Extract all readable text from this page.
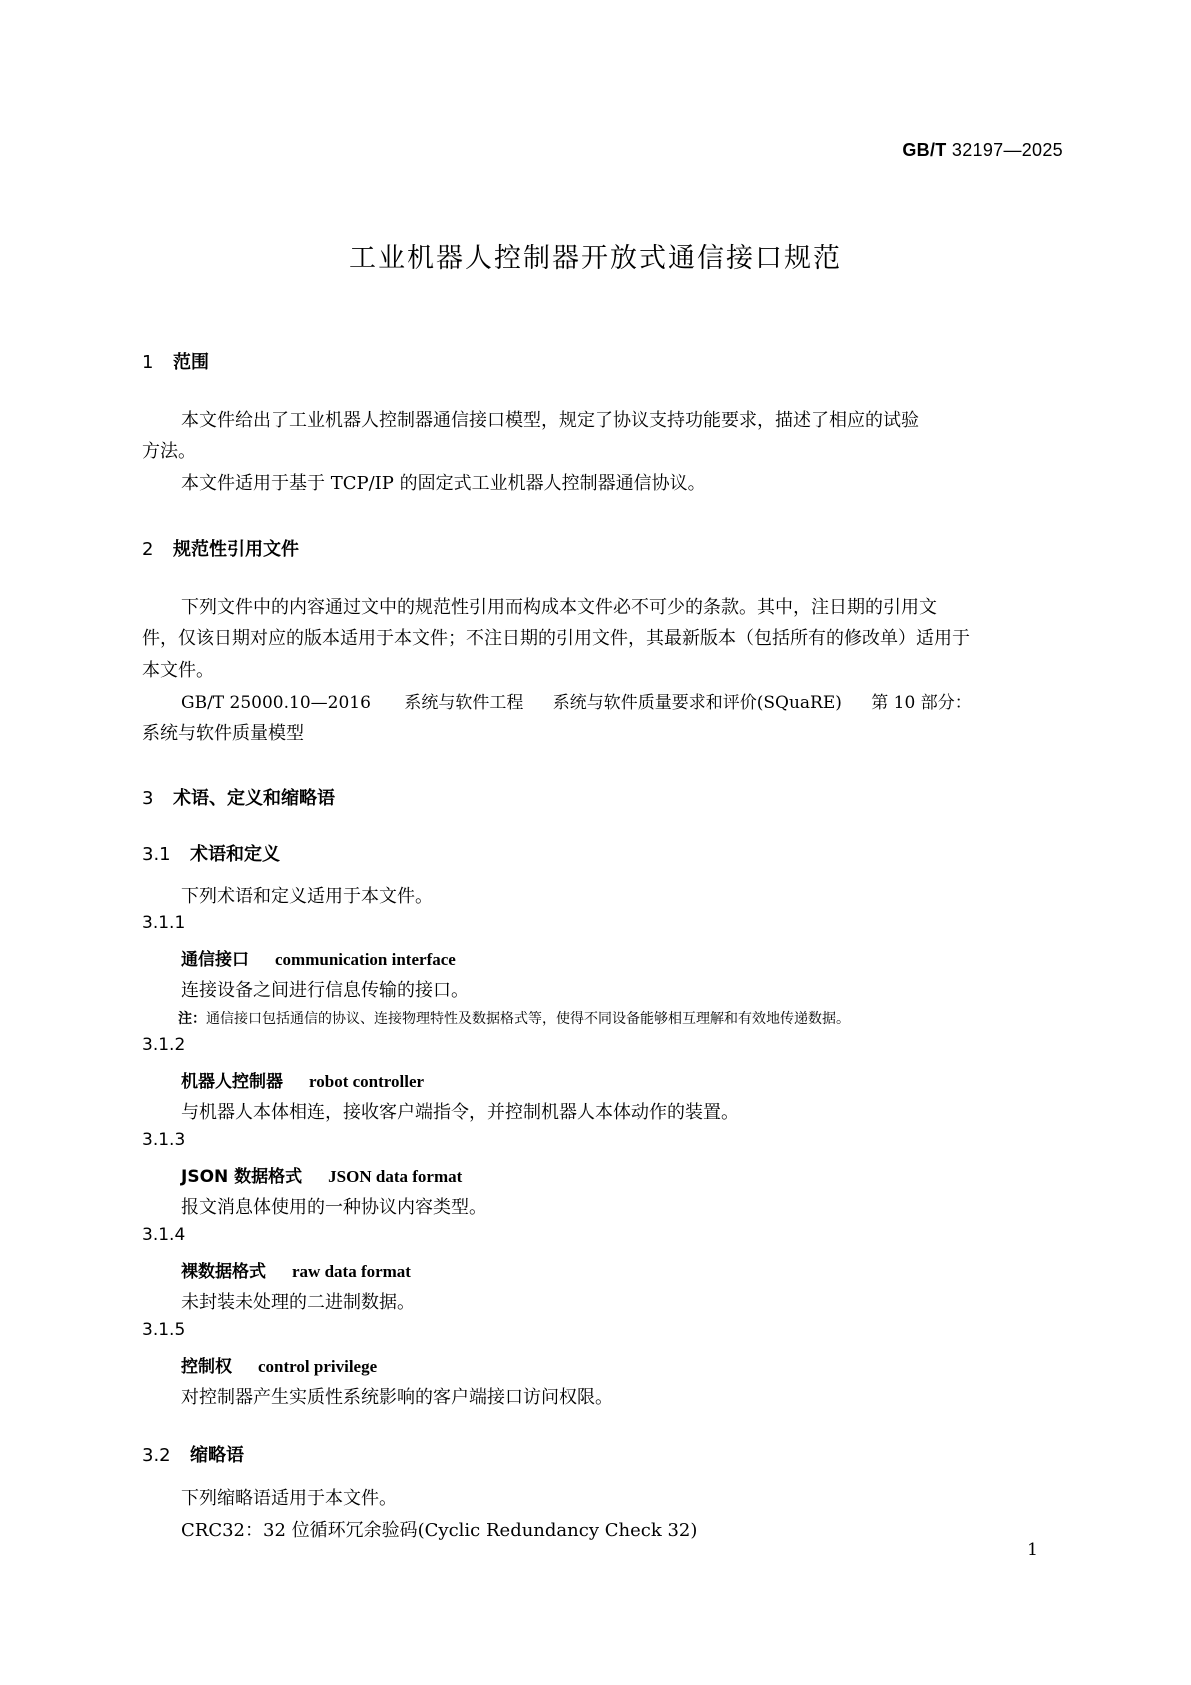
GB/T 32197—2025
工业机器人控制器开放式通信接口规范
1 范围
本文件给出了工业机器人控制器通信接口模型，规定了协议支持功能要求，描述了相应的试验
方法。
本文件适用于基于 TCP/IP 的固定式工业机器人控制器通信协议。
2 规范性引用文件
下列文件中的内容通过文中的规范性引用而构成本文件必不可少的条款。其中，注日期的引用文
件，仅该日期对应的版本适用于本文件；不注日期的引用文件，其最新版本（包括所有的修改单）适用于
本文件。
GB/T 25000.10—2016 系统与软件工程 系统与软件质量要求和评价(SQuaRE) 第 10 部分：
系统与软件质量模型
3 术语、定义和缩略语
3.1 术语和定义
下列术语和定义适用于本文件。
3.1.1
通信接口 communication interface
连接设备之间进行信息传输的接口。
注：通信接口包括通信的协议、连接物理特性及数据格式等，使得不同设备能够相互理解和有效地传递数据。
3.1.2
机器人控制器 robot controller
与机器人本体相连，接收客户端指令，并控制机器人本体动作的装置。
3.1.3
JSON 数据格式 JSON data format
报文消息体使用的一种协议内容类型。
3.1.4
裸数据格式 raw data format
未封装未处理的二进制数据。
3.1.5
控制权 control privilege
对控制器产生实质性系统影响的客户端接口访问权限。
3.2 缩略语
下列缩略语适用于本文件。
CRC32：32 位循环冗余验码(Cyclic Redundancy Check 32)
1
